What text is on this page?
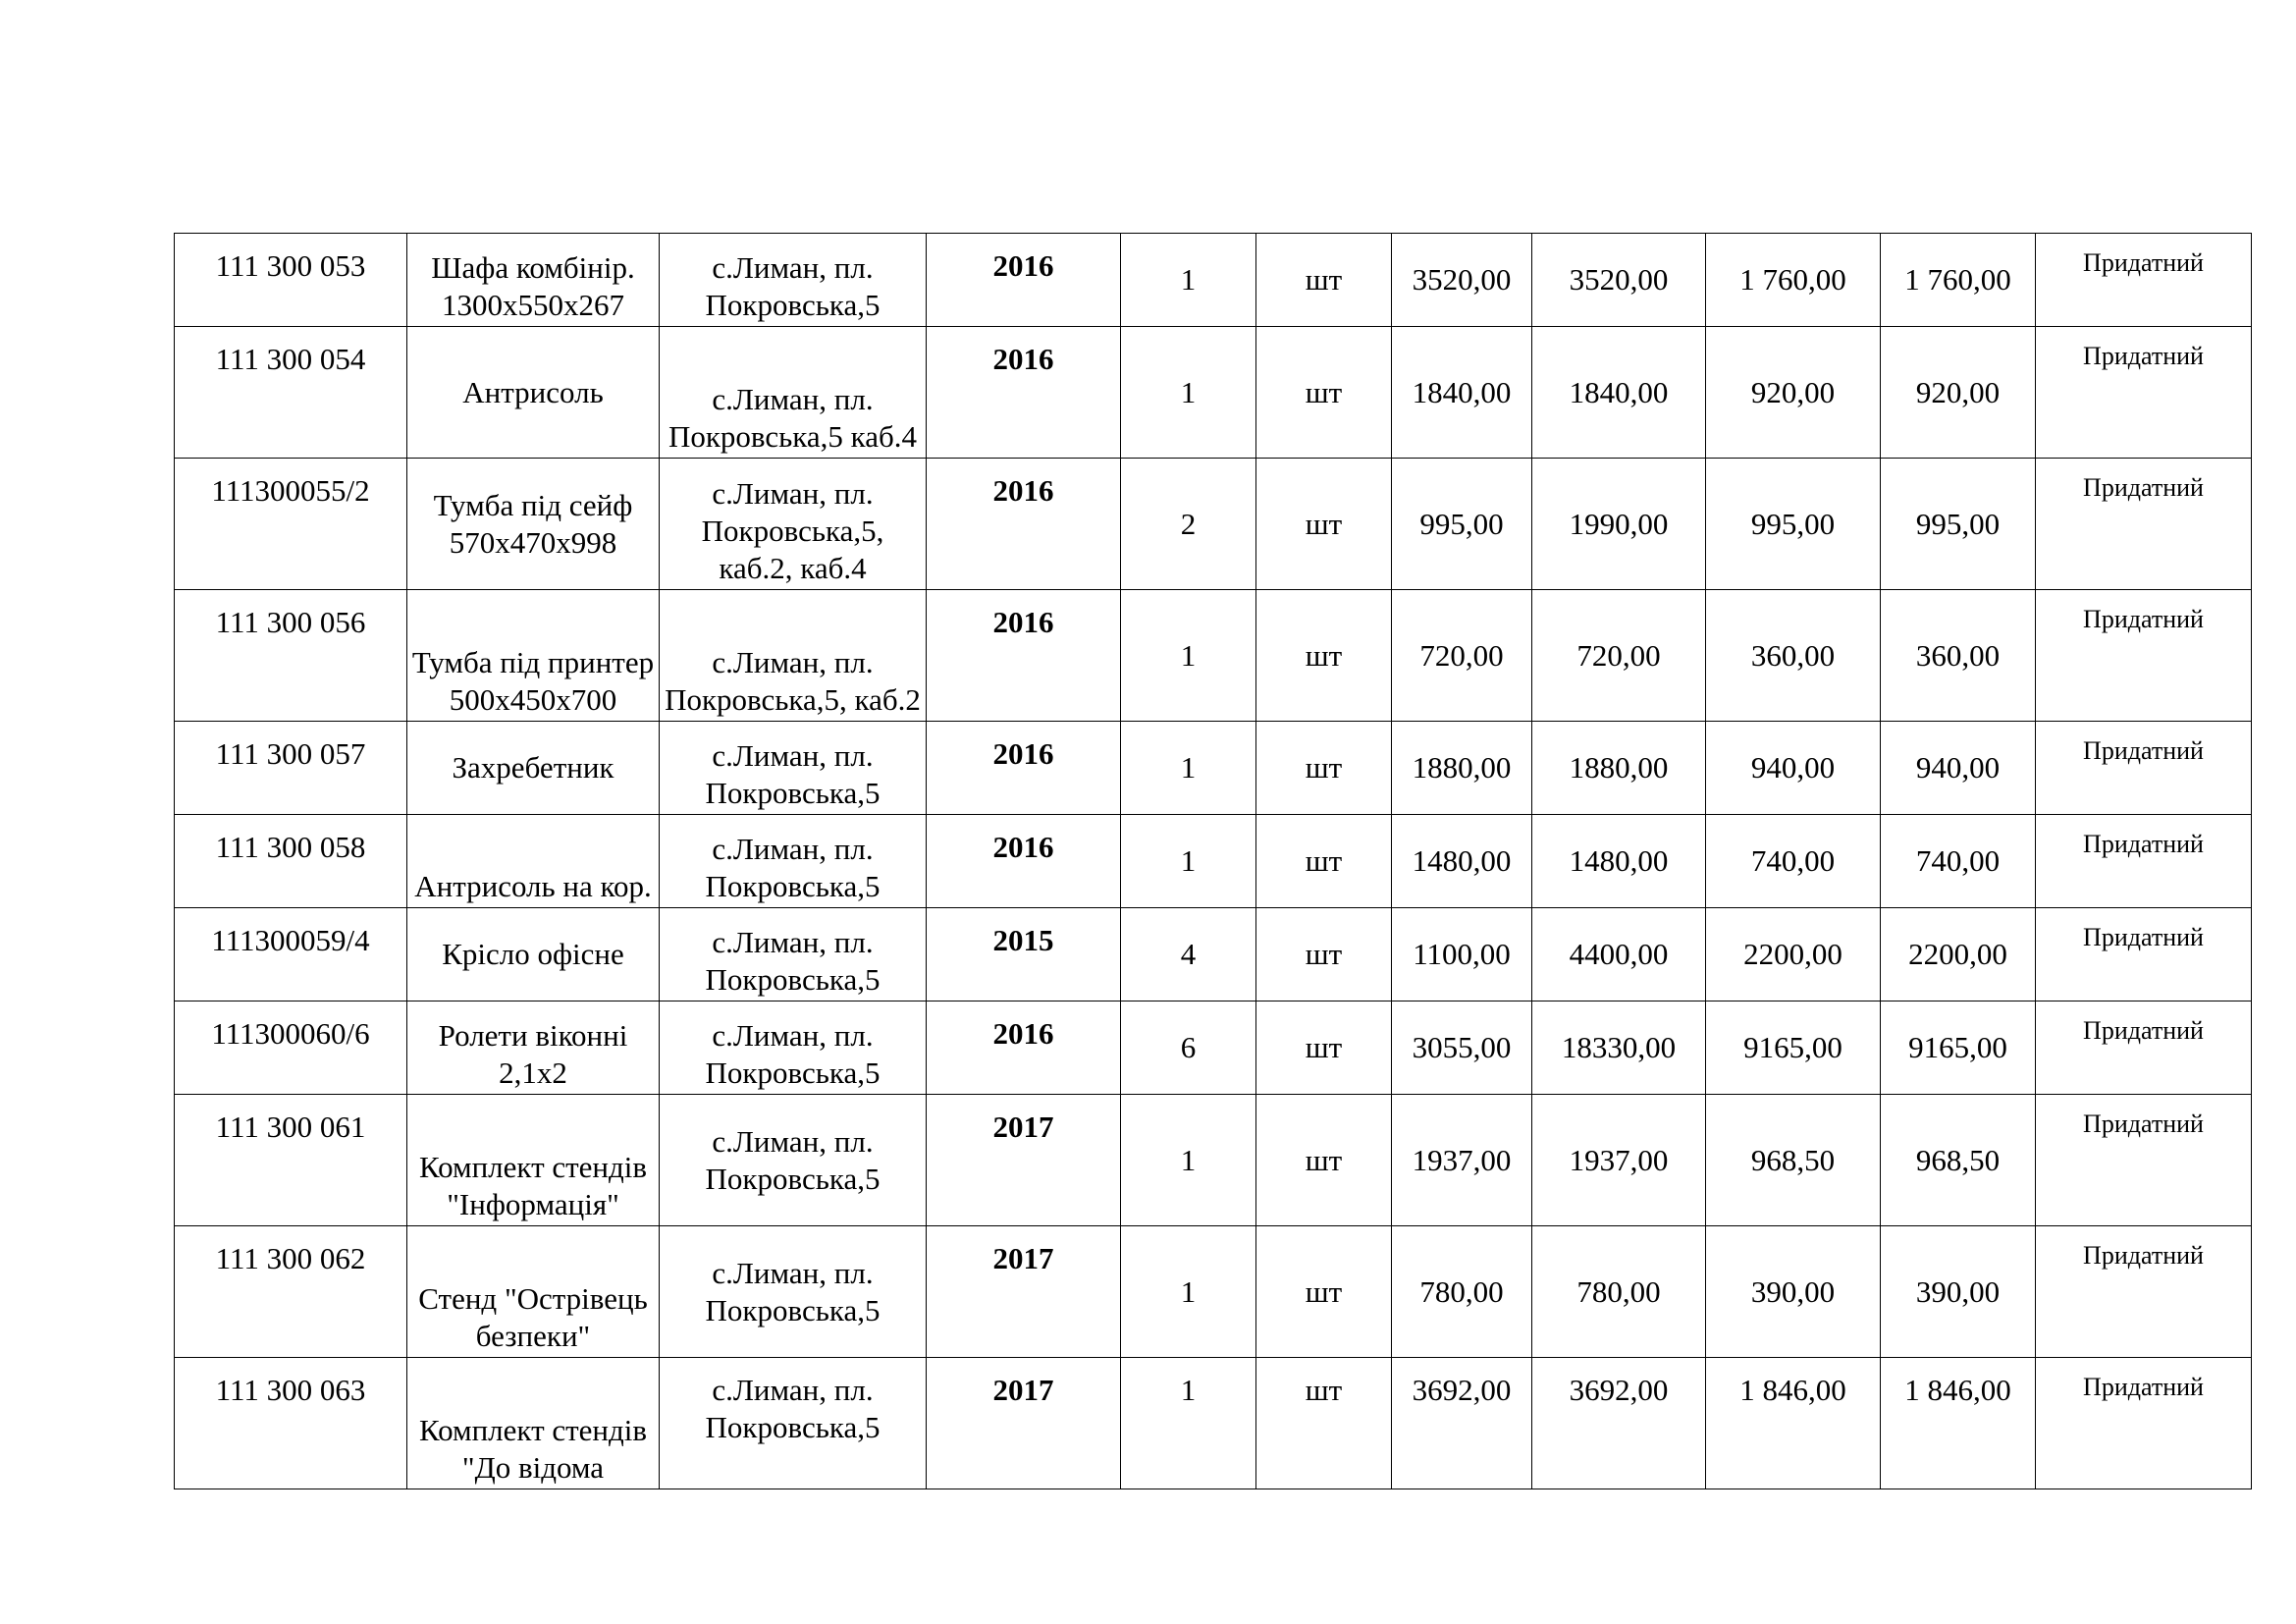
111 300 053	Шафа комбінір. 1300х550х267	с.Лиман, пл. Покровська,5	2016	1	шт	3520,00	3520,00	1 760,00	1 760,00	Придатний
111 300 054	Антрисоль	с.Лиман, пл. Покровська,5 каб.4	2016	1	шт	1840,00	1840,00	920,00	920,00	Придатний
111300055/2	Тумба під сейф 570х470х998	с.Лиман, пл. Покровська,5, каб.2, каб.4	2016	2	шт	995,00	1990,00	995,00	995,00	Придатний
111 300 056	Тумба під принтер 500х450х700	с.Лиман, пл. Покровська,5, каб.2	2016	1	шт	720,00	720,00	360,00	360,00	Придатний
111 300 057	Захребетник	с.Лиман, пл. Покровська,5	2016	1	шт	1880,00	1880,00	940,00	940,00	Придатний
111 300 058	Антрисоль на кор.	с.Лиман, пл. Покровська,5	2016	1	шт	1480,00	1480,00	740,00	740,00	Придатний
111300059/4	Крісло офісне	с.Лиман, пл. Покровська,5	2015	4	шт	1100,00	4400,00	2200,00	2200,00	Придатний
111300060/6	Ролети віконні 2,1х2	с.Лиман, пл. Покровська,5	2016	6	шт	3055,00	18330,00	9165,00	9165,00	Придатний
111 300 061	Комплект стендів "Інформація"	с.Лиман, пл. Покровська,5	2017	1	шт	1937,00	1937,00	968,50	968,50	Придатний
111 300 062	Стенд "Острівець безпеки"	с.Лиман, пл. Покровська,5	2017	1	шт	780,00	780,00	390,00	390,00	Придатний
111 300 063	Комплект стендів "До відома	с.Лиман, пл. Покровська,5	2017	1	шт	3692,00	3692,00	1 846,00	1 846,00	Придатний
